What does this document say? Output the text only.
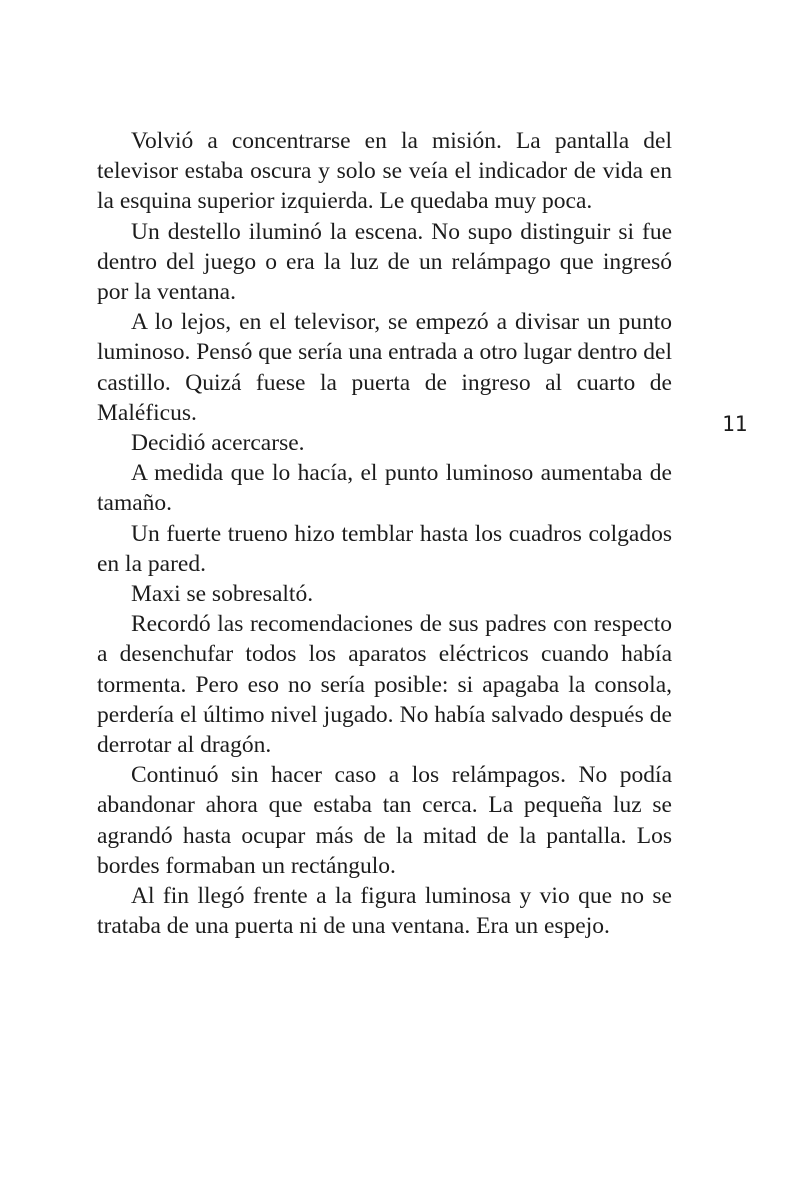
Volvió a concentrarse en la misión. La pantalla del televisor estaba oscura y solo se veía el indicador de vida en la esquina superior izquierda. Le quedaba muy poca.

Un destello iluminó la escena. No supo distinguir si fue dentro del juego o era la luz de un relámpago que ingresó por la ventana.

A lo lejos, en el televisor, se empezó a divisar un punto luminoso. Pensó que sería una entrada a otro lugar dentro del castillo. Quizá fuese la puerta de ingreso al cuarto de Maléficus.

Decidió acercarse.

A medida que lo hacía, el punto luminoso aumentaba de tamaño.

Un fuerte trueno hizo temblar hasta los cuadros colgados en la pared.

Maxi se sobresaltó.

Recordó las recomendaciones de sus padres con respecto a desenchufar todos los aparatos eléctricos cuando había tormenta. Pero eso no sería posible: si apagaba la consola, perdería el último nivel jugado. No había salvado después de derrotar al dragón.

Continuó sin hacer caso a los relámpagos. No podía abandonar ahora que estaba tan cerca. La pequeña luz se agrandó hasta ocupar más de la mitad de la pantalla. Los bordes formaban un rectángulo.

Al fin llegó frente a la figura luminosa y vio que no se trataba de una puerta ni de una ventana. Era un espejo.

11
